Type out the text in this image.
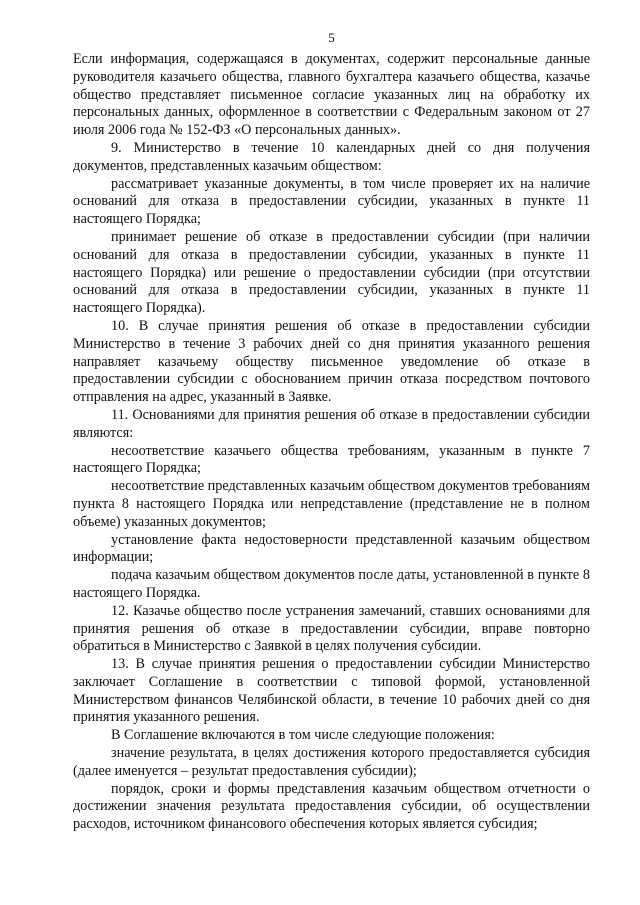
5

Если информация, содержащаяся в документах, содержит персональные данные руководителя казачьего общества, главного бухгалтера казачьего общества, казачье общество представляет письменное согласие указанных лиц на обработку их персональных данных, оформленное в соответствии с Федеральным законом от 27 июля 2006 года № 152-ФЗ «О персональных данных».

9. Министерство в течение 10 календарных дней со дня получения документов, представленных казачьим обществом:

рассматривает указанные документы, в том числе проверяет их на наличие оснований для отказа в предоставлении субсидии, указанных в пункте 11 настоящего Порядка;

принимает решение об отказе в предоставлении субсидии (при наличии оснований для отказа в предоставлении субсидии, указанных в пункте 11 настоящего Порядка) или решение о предоставлении субсидии (при отсутствии оснований для отказа в предоставлении субсидии, указанных в пункте 11 настоящего Порядка).

10. В случае принятия решения об отказе в предоставлении субсидии Министерство в течение 3 рабочих дней со дня принятия указанного решения направляет казачьему обществу письменное уведомление об отказе в предоставлении субсидии с обоснованием причин отказа посредством почтового отправления на адрес, указанный в Заявке.

11. Основаниями для принятия решения об отказе в предоставлении субсидии являются:

несоответствие казачьего общества требованиям, указанным в пункте 7 настоящего Порядка;

несоответствие представленных казачьим обществом документов требованиям пункта 8 настоящего Порядка или непредставление (представление не в полном объеме) указанных документов;

установление факта недостоверности представленной казачьим обществом информации;

подача казачьим обществом документов после даты, установленной в пункте 8 настоящего Порядка.

12. Казачье общество после устранения замечаний, ставших основаниями для принятия решения об отказе в предоставлении субсидии, вправе повторно обратиться в Министерство с Заявкой в целях получения субсидии.

13. В случае принятия решения о предоставлении субсидии Министерство заключает Соглашение в соответствии с типовой формой, установленной Министерством финансов Челябинской области, в течение 10 рабочих дней со дня принятия указанного решения.

В Соглашение включаются в том числе следующие положения:

значение результата, в целях достижения которого предоставляется субсидия (далее именуется – результат предоставления субсидии);

порядок, сроки и формы представления казачьим обществом отчетности о достижении значения результата предоставления субсидии, об осуществлении расходов, источником финансового обеспечения которых является субсидия;
